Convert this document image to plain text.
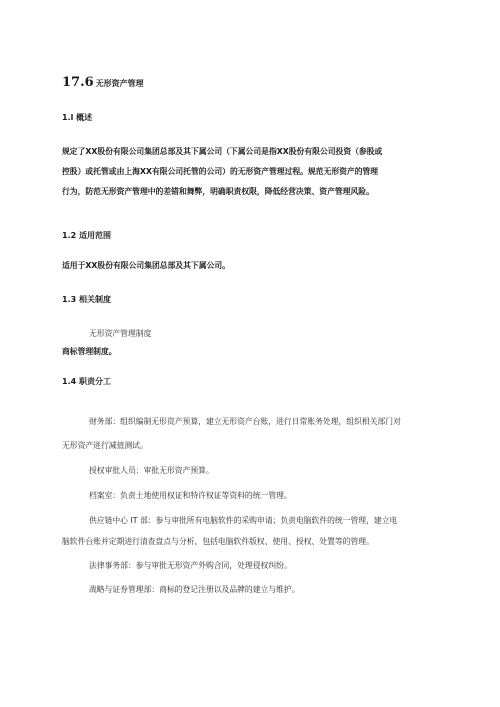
17.6 无形资产管理
1.l 概述
规定了XX股份有限公司集团总部及其下属公司（下属公司是指XX股份有限公司投资（参股或
控股）或托管或由上海XX有限公司托管的公司）的无形资产管理过程。规范无形资产的管理
行为，防范无形资产管理中的差错和舞弊，明确职责权限，降低经营决策、资产管理风险。
1.2 适用范围
适用于XX股份有限公司集团总部及其下属公司。
1.3 相关制度
无形资产管理制度
商标管理制度。
1.4 职责分工
财务部：组织编制无形资产预算，建立无形资产台账，进行日常账务处理，组织相关部门对
无形资产进行减值测试。
授权审批人员：审批无形资产预算。
档案室：负责土地使用权证和特许权证等资料的统一管理。
供应链中心 IT 部：参与审批所有电脑软件的采购申请；负责电脑软件的统一管理，建立电
脑软件台账并定期进行清查盘点与分析，包括电脑软件版权、使用、授权、处置等的管理。
法律事务部：参与审批无形资产外购合同，处理侵权纠纷。
战略与证券管理部：商标的登记注册以及品牌的建立与维护。
